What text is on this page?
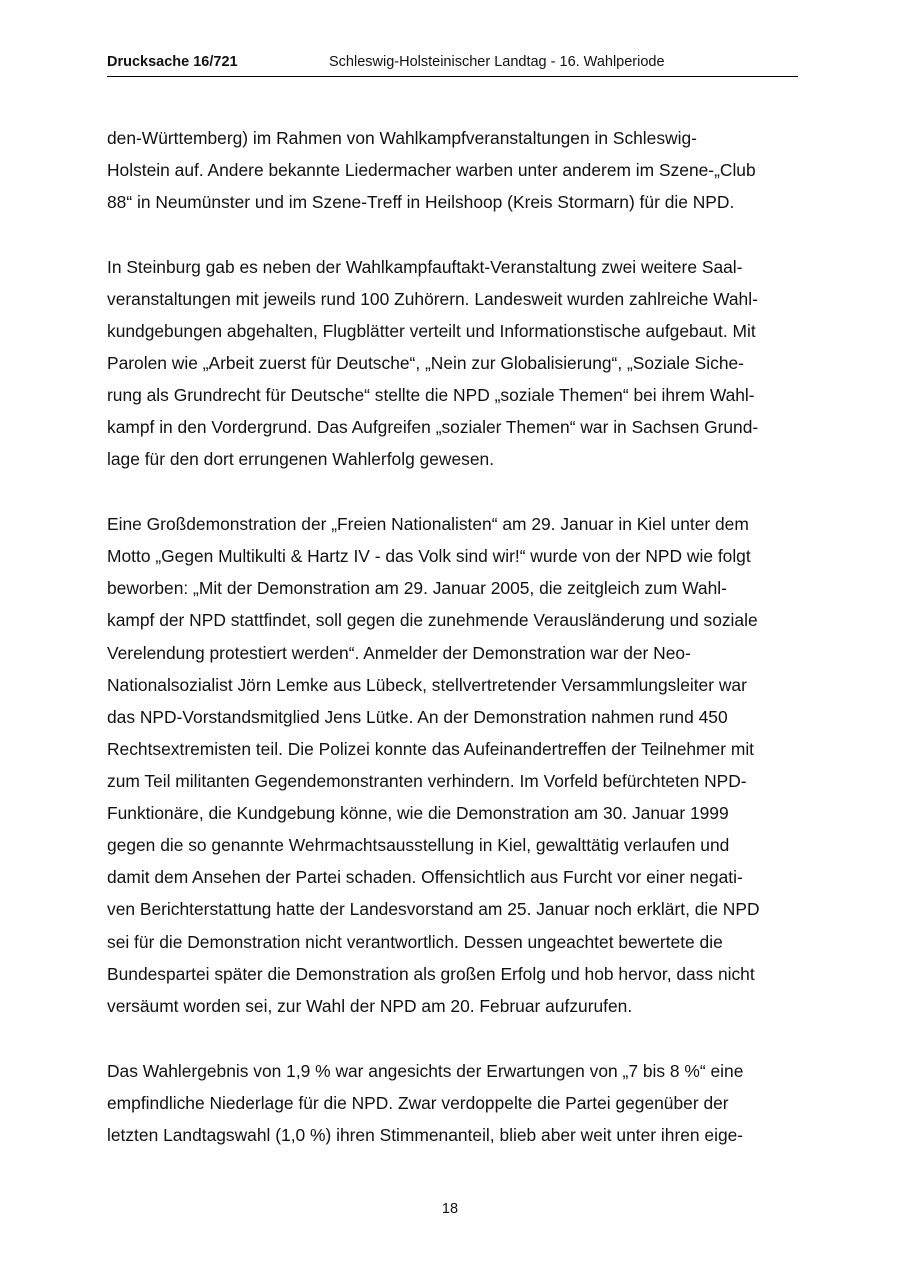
Drucksache 16/721	Schleswig-Holsteinischer Landtag - 16. Wahlperiode
den-Württemberg) im Rahmen von Wahlkampfveranstaltungen in Schleswig-
Holstein auf. Andere bekannte Liedermacher warben unter anderem im Szene-„Club
88“ in Neumünster und im Szene-Treff in Heilshoop (Kreis Stormarn) für die NPD.
In Steinburg gab es neben der Wahlkampfauftakt-Veranstaltung zwei weitere Saal-
veranstaltungen mit jeweils rund 100 Zuhörern. Landesweit wurden zahlreiche Wahl-
kundgebungen abgehalten, Flugblätter verteilt und Informationstische aufgebaut. Mit
Parolen wie „Arbeit zuerst für Deutsche“, „Nein zur Globalisierung“, „Soziale Siche-
rung als Grundrecht für Deutsche“ stellte die NPD „soziale Themen“ bei ihrem Wahl-
kampf in den Vordergrund. Das Aufgreifen „sozialer Themen“ war in Sachsen Grund-
lage für den dort errungenen Wahlerfolg gewesen.
Eine Großdemonstration der „Freien Nationalisten“ am 29. Januar in Kiel unter dem
Motto „Gegen Multikulti & Hartz IV - das Volk sind wir!“ wurde von der NPD wie folgt
beworben: „Mit der Demonstration am 29. Januar 2005, die zeitgleich zum Wahl-
kampf der NPD stattfindet, soll gegen die zunehmende Verausländerung und soziale
Verelendung protestiert werden“. Anmelder der Demonstration war der Neo-
Nationalsozialist Jörn Lemke aus Lübeck, stellvertretender Versammlungsleiter war
das NPD-Vorstandsmitglied Jens Lütke. An der Demonstration nahmen rund 450
Rechtsextremisten teil. Die Polizei konnte das Aufeinandertreffen der Teilnehmer mit
zum Teil militanten Gegendemonstranten verhindern. Im Vorfeld befürchteten NPD-
Funktionäre, die Kundgebung könne, wie die Demonstration am 30. Januar 1999
gegen die so genannte Wehrmachtsausstellung in Kiel, gewalttätig verlaufen und
damit dem Ansehen der Partei schaden. Offensichtlich aus Furcht vor einer negati-
ven Berichterstattung hatte der Landesvorstand am 25. Januar noch erklärt, die NPD
sei für die Demonstration nicht verantwortlich. Dessen ungeachtet bewertete die
Bundespartei später die Demonstration als großen Erfolg und hob hervor, dass nicht
versäumt worden sei, zur Wahl der NPD am 20. Februar aufzurufen.
Das Wahlergebnis von 1,9 % war angesichts der Erwartungen von „7 bis 8 %“ eine
empfindliche Niederlage für die NPD. Zwar verdoppelte die Partei gegenüber der
letzten Landtagswahl (1,0 %) ihren Stimmenanteil, blieb aber weit unter ihren eige-
18
